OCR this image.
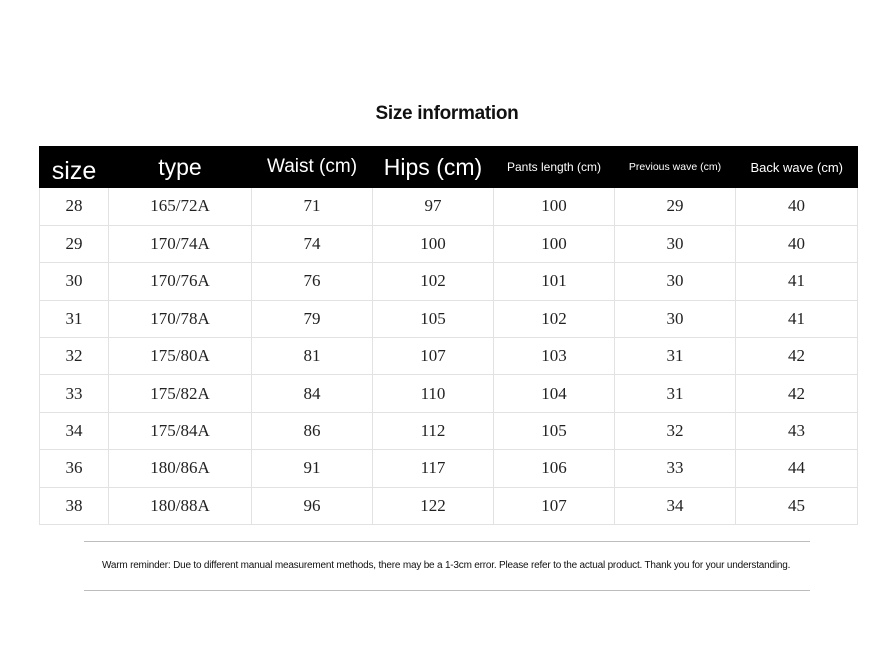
Size information
size	type	Waist (cm)	Hips (cm)	Pants length (cm)	Previous wave (cm)	Back wave (cm)
28	165/72A	71	97	100	29	40
29	170/74A	74	100	100	30	40
30	170/76A	76	102	101	30	41
31	170/78A	79	105	102	30	41
32	175/80A	81	107	103	31	42
33	175/82A	84	110	104	31	42
34	175/84A	86	112	105	32	43
36	180/86A	91	117	106	33	44
38	180/88A	96	122	107	34	45
Warm reminder: Due to different manual measurement methods, there may be a 1-3cm error. Please refer to the actual product. Thank you for your understanding.
